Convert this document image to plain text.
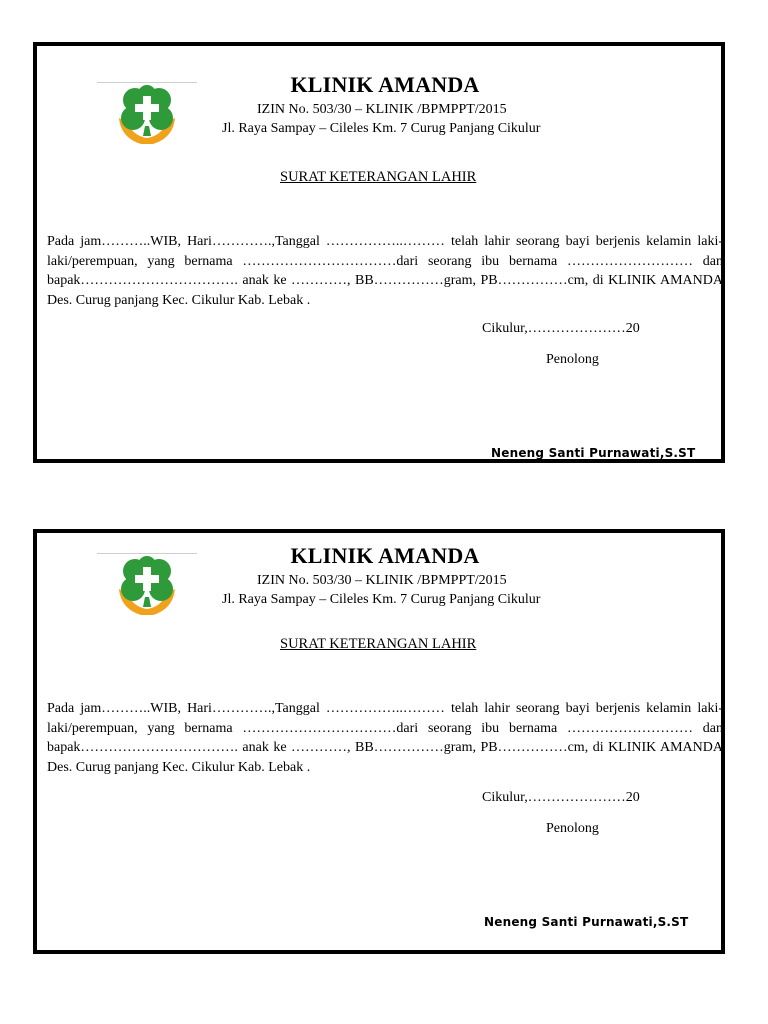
KLINIK AMANDA
IZIN No. 503/30 – KLINIK /BPMPPT/2015
Jl. Raya Sampay – Cileles Km. 7 Curug Panjang Cikulur
SURAT KETERANGAN LAHIR
Pada jam………..WIB, Hari………….,Tanggal ……………..……… telah lahir seorang bayi berjenis kelamin laki-laki/perempuan, yang bernama ……………………………dari seorang ibu bernama ……………………… dan bapak……………………………. anak ke …………, BB……………gram, PB……………cm, di KLINIK AMANDA Des. Curug panjang Kec. Cikulur Kab. Lebak .
Cikulur,…………………20
Penolong
Neneng Santi Purnawati,S.ST
KLINIK AMANDA
IZIN No. 503/30 – KLINIK /BPMPPT/2015
Jl. Raya Sampay – Cileles Km. 7 Curug Panjang Cikulur
SURAT KETERANGAN LAHIR
Pada jam………..WIB, Hari………….,Tanggal ……………..……… telah lahir seorang bayi berjenis kelamin laki-laki/perempuan, yang bernama ……………………………dari seorang ibu bernama ……………………… dan bapak……………………………. anak ke …………, BB……………gram, PB……………cm, di KLINIK AMANDA Des. Curug panjang Kec. Cikulur Kab. Lebak .
Cikulur,…………………20
Penolong
Neneng Santi Purnawati,S.ST
